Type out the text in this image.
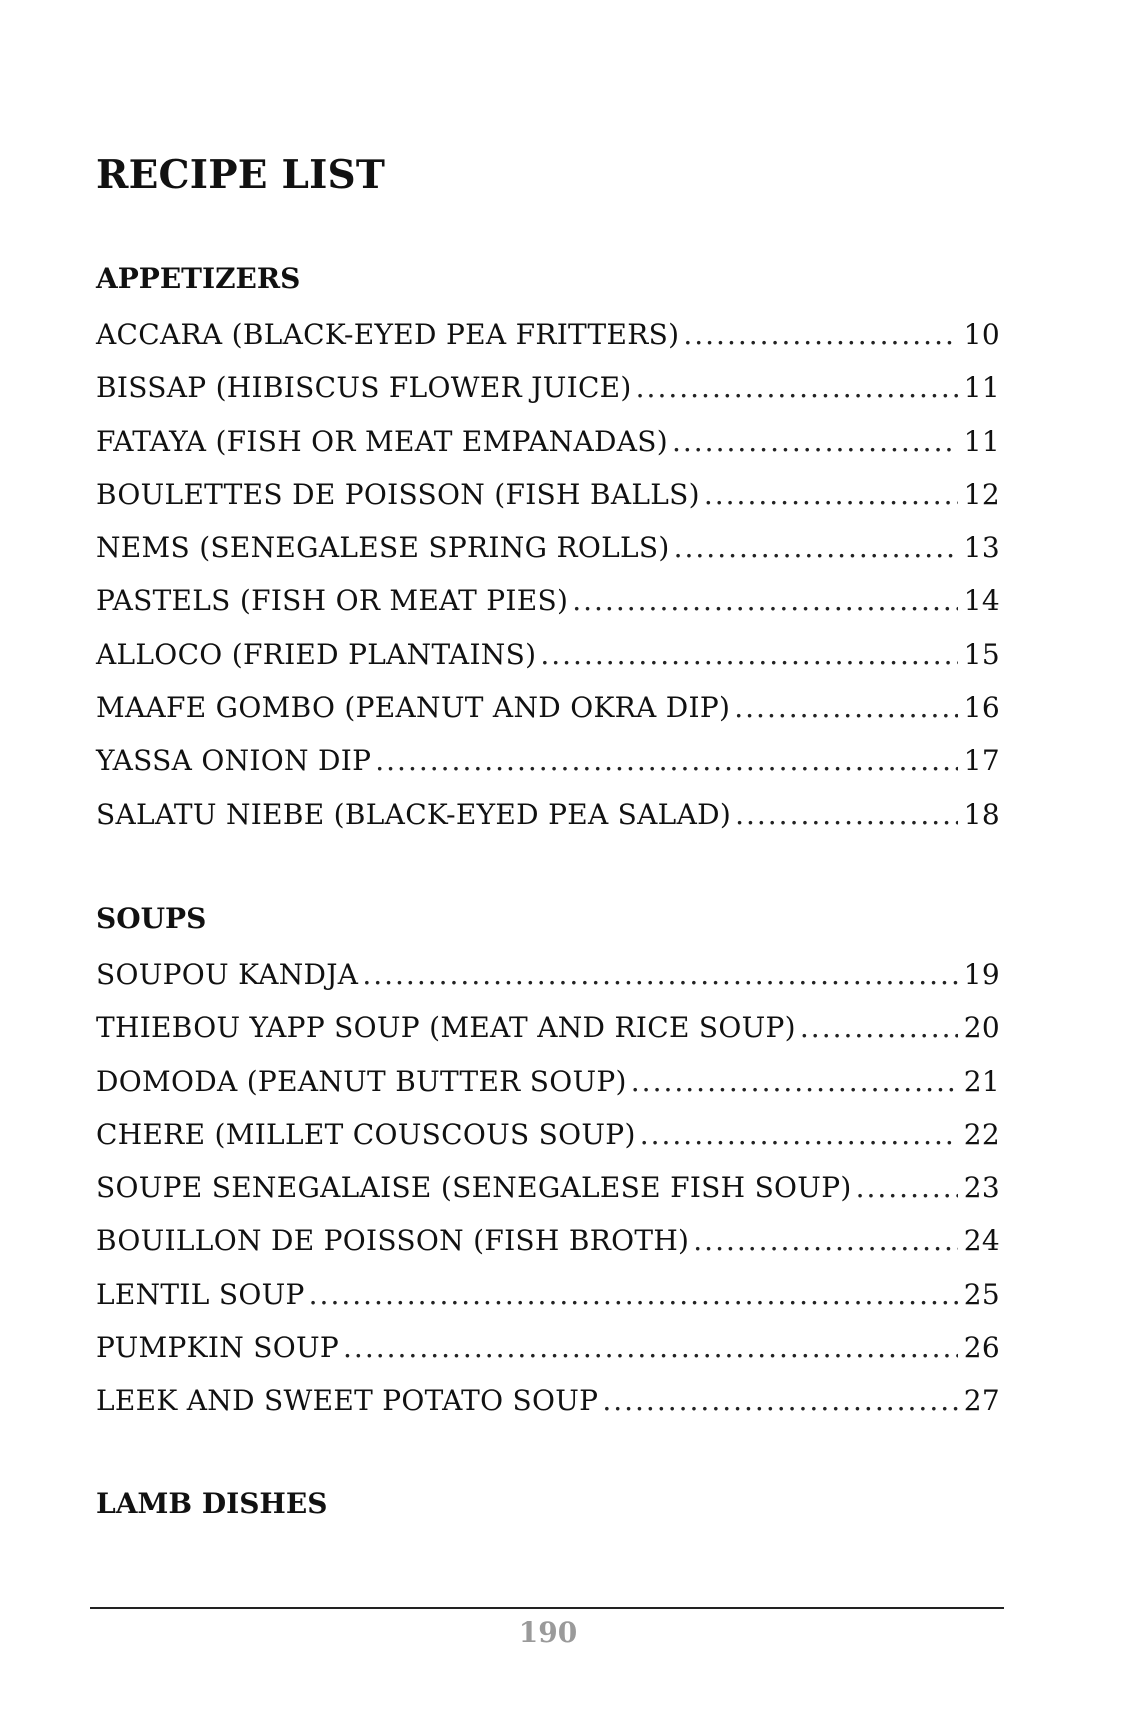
RECIPE LIST
APPETIZERS
ACCARA (BLACK-EYED PEA FRITTERS) .....	10
BISSAP (HIBISCUS FLOWER JUICE) .....	11
FATAYA (FISH OR MEAT EMPANADAS) .....	11
BOULETTES DE POISSON (FISH BALLS) .....	12
NEMS (SENEGALESE SPRING ROLLS) .....	13
PASTELS (FISH OR MEAT PIES) .....	14
ALLOCO (FRIED PLANTAINS) .....	15
MAAFE GOMBO (PEANUT AND OKRA DIP) .....	16
YASSA ONION DIP .....	17
SALATU NIEBE (BLACK-EYED PEA SALAD) .....	18
SOUPS
SOUPOU KANDJA .....	19
THIEBOU YAPP SOUP (MEAT AND RICE SOUP) .....	20
DOMODA (PEANUT BUTTER SOUP) .....	21
CHERE (MILLET COUSCOUS SOUP) .....	22
SOUPE SENEGALAISE (SENEGALESE FISH SOUP) .....	23
BOUILLON DE POISSON (FISH BROTH) .....	24
LENTIL SOUP .....	25
PUMPKIN SOUP .....	26
LEEK AND SWEET POTATO SOUP .....	27
LAMB DISHES
190
